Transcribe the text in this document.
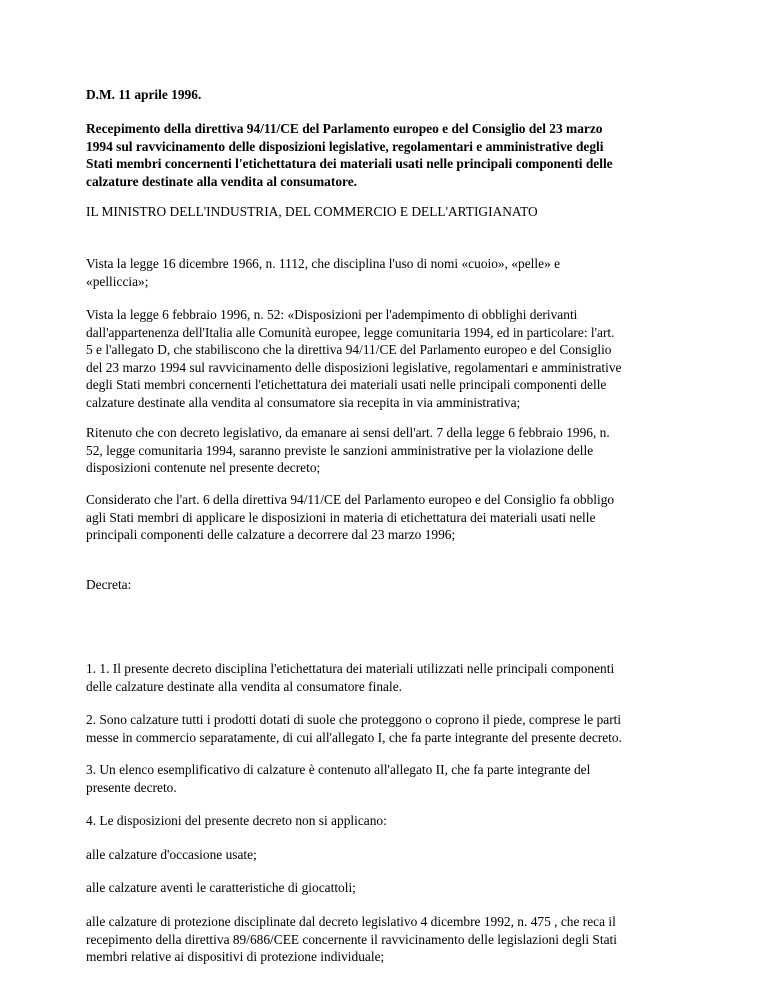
D.M. 11 aprile 1996.

Recepimento della direttiva 94/11/CE del Parlamento europeo e del Consiglio del 23 marzo
1994 sul ravvicinamento delle disposizioni legislative, regolamentari e amministrative degli
Stati membri concernenti l'etichettatura dei materiali usati nelle principali componenti delle
calzature destinate alla vendita al consumatore.

IL MINISTRO DELL'INDUSTRIA, DEL COMMERCIO E DELL'ARTIGIANATO

Vista la legge 16 dicembre 1966, n. 1112, che disciplina l'uso di nomi «cuoio», «pelle» e
«pelliccia»;

Vista la legge 6 febbraio 1996, n. 52: «Disposizioni per l'adempimento di obblighi derivanti
dall'appartenenza dell'Italia alle Comunità europee, legge comunitaria 1994, ed in particolare: l'art.
5 e l'allegato D, che stabiliscono che la direttiva 94/11/CE del Parlamento europeo e del Consiglio
del 23 marzo 1994 sul ravvicinamento delle disposizioni legislative, regolamentari e amministrative
degli Stati membri concernenti l'etichettatura dei materiali usati nelle principali componenti delle
calzature destinate alla vendita al consumatore sia recepita in via amministrativa;

Ritenuto che con decreto legislativo, da emanare ai sensi dell'art. 7 della legge 6 febbraio 1996, n.
52, legge comunitaria 1994, saranno previste le sanzioni amministrative per la violazione delle
disposizioni contenute nel presente decreto;

Considerato che l'art. 6 della direttiva 94/11/CE del Parlamento europeo e del Consiglio fa obbligo
agli Stati membri di applicare le disposizioni in materia di etichettatura dei materiali usati nelle
principali componenti delle calzature a decorrere dal 23 marzo 1996;

Decreta:

1. 1. Il presente decreto disciplina l'etichettatura dei materiali utilizzati nelle principali componenti
delle calzature destinate alla vendita al consumatore finale.

2. Sono calzature tutti i prodotti dotati di suole che proteggono o coprono il piede, comprese le parti
messe in commercio separatamente, di cui all'allegato I, che fa parte integrante del presente decreto.

3. Un elenco esemplificativo di calzature è contenuto all'allegato II, che fa parte integrante del
presente decreto.

4. Le disposizioni del presente decreto non si applicano:

alle calzature d'occasione usate;

alle calzature aventi le caratteristiche di giocattoli;

alle calzature di protezione disciplinate dal decreto legislativo 4 dicembre 1992, n. 475 , che reca il
recepimento della direttiva 89/686/CEE concernente il ravvicinamento delle legislazioni degli Stati
membri relative ai dispositivi di protezione individuale;
